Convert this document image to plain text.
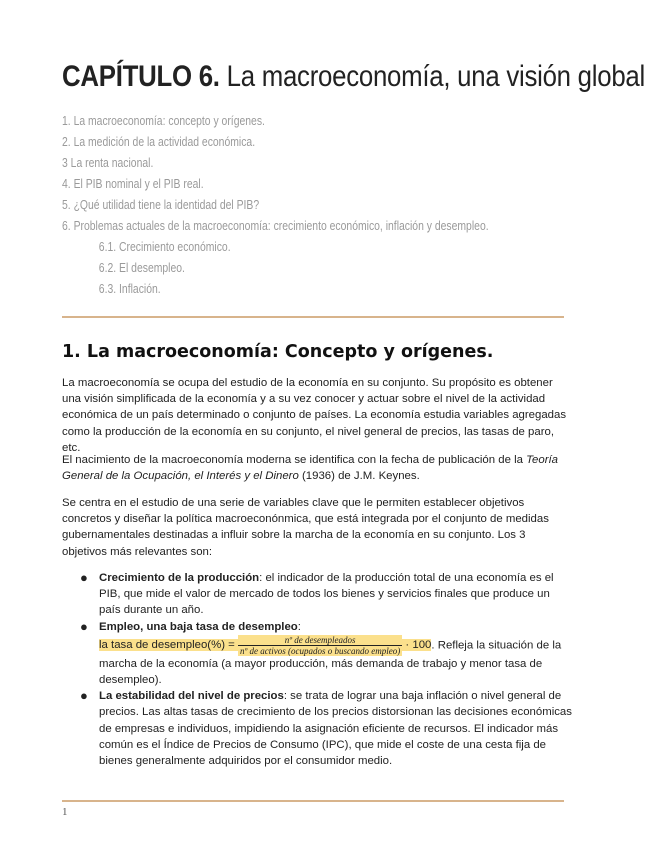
CAPÍTULO 6. La macroeconomía, una visión global
1. La macroeconomía: concepto y orígenes.
2. La medición de la actividad económica.
3 La renta nacional.
4. El PIB nominal y el PIB real.
5. ¿Qué utilidad tiene la identidad del PIB?
6. Problemas actuales de la macroeconomía: crecimiento económico, inflación y desempleo.
6.1. Crecimiento económico.
6.2. El desempleo.
6.3. Inflación.
1. La macroeconomía: Concepto y orígenes.
La macroeconomía se ocupa del estudio de la economía en su conjunto. Su propósito es obtener una visión simplificada de la economía y a su vez conocer y actuar sobre el nivel de la actividad económica de un país determinado o conjunto de países. La economía estudia variables agregadas como la producción de la economía en su conjunto, el nivel general de precios, las tasas de paro, etc.
El nacimiento de la macroeconomía moderna se identifica con la fecha de publicación de la Teoría General de la Ocupación, el Interés y el Dinero (1936) de J.M. Keynes.
Se centra en el estudio de una serie de variables clave que le permiten establecer objetivos concretos y diseñar la política macroeconónmica, que está integrada por el conjunto de medidas gubernamentales destinadas a influir sobre la marcha de la economía en su conjunto. Los 3 objetivos más relevantes son:
● Crecimiento de la producción: el indicador de la producción total de una economía es el PIB, que mide el valor de mercado de todos los bienes y servicios finales que produce un país durante un año.
● Empleo, una baja tasa de desempleo:
la tasa de desempleo(%) = $\frac{\text{nº de desempleados}}{\text{nº de activos (ocupados o buscando empleo)}} \cdot 100$. Refleja la situación de la marcha de la economía (a mayor producción, más demanda de trabajo y menor tasa de desempleo).
● La estabilidad del nivel de precios: se trata de lograr una baja inflación o nivel general de precios. Las altas tasas de crecimiento de los precios distorsionan las decisiones económicas de empresas e individuos, impidiendo la asignación eficiente de recursos. El indicador más común es el Índice de Precios de Consumo (IPC), que mide el coste de una cesta fija de bienes generalmente adquiridos por el consumidor medio.
1
